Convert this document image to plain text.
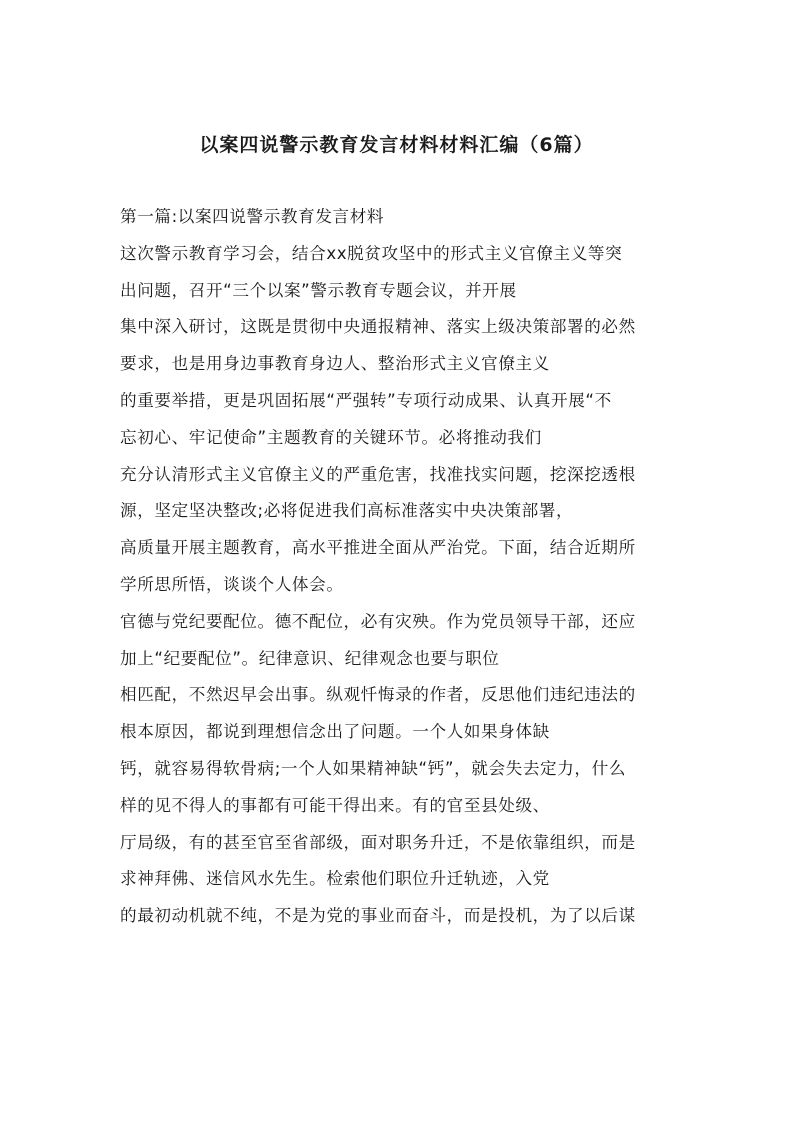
以案四说警示教育发言材料材料汇编（6篇）
第一篇:以案四说警示教育发言材料
这次警示教育学习会，结合xx脱贫攻坚中的形式主义官僚主义等突
出问题，召开“三个以案”警示教育专题会议，并开展
集中深入研讨，这既是贯彻中央通报精神、落实上级决策部署的必然
要求，也是用身边事教育身边人、整治形式主义官僚主义
的重要举措，更是巩固拓展“严强转”专项行动成果、认真开展“不
忘初心、牢记使命”主题教育的关键环节。必将推动我们
充分认清形式主义官僚主义的严重危害，找准找实问题，挖深挖透根
源，坚定坚决整改;必将促进我们高标准落实中央决策部署，
高质量开展主题教育，高水平推进全面从严治党。下面，结合近期所
学所思所悟，谈谈个人体会。
官德与党纪要配位。德不配位，必有灾殃。作为党员领导干部，还应
加上“纪要配位”。纪律意识、纪律观念也要与职位
相匹配，不然迟早会出事。纵观忏悔录的作者，反思他们违纪违法的
根本原因，都说到理想信念出了问题。一个人如果身体缺
钙，就容易得软骨病;一个人如果精神缺“钙”，就会失去定力，什么
样的见不得人的事都有可能干得出来。有的官至县处级、
厅局级，有的甚至官至省部级，面对职务升迁，不是依靠组织，而是
求神拜佛、迷信风水先生。检索他们职位升迁轨迹，入党
的最初动机就不纯，不是为党的事业而奋斗，而是投机，为了以后谋
